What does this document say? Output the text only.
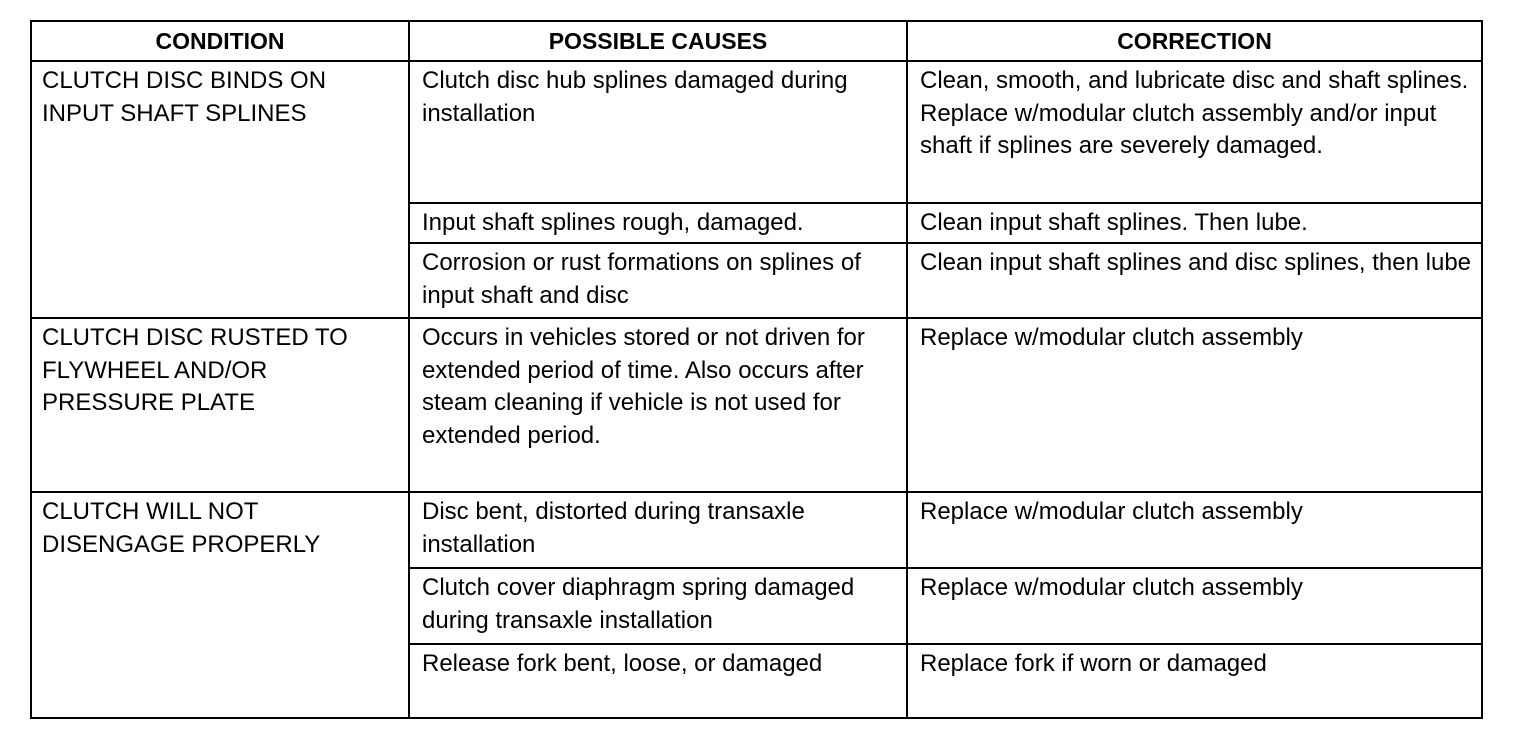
CONDITION	POSSIBLE CAUSES	CORRECTION

CLUTCH DISC BINDS ON INPUT SHAFT SPLINES	Clutch disc hub splines damaged during installation	Clean, smooth, and lubricate disc and shaft splines. Replace w/modular clutch assembly and/or input shaft if splines are severely damaged.

	Input shaft splines rough, damaged.	Clean input shaft splines. Then lube.

	Corrosion or rust formations on splines of input shaft and disc	Clean input shaft splines and disc splines, then lube

CLUTCH DISC RUSTED TO FLYWHEEL AND/OR PRESSURE PLATE	Occurs in vehicles stored or not driven for extended period of time. Also occurs after steam cleaning if vehicle is not used for extended period.	Replace w/modular clutch assembly

CLUTCH WILL NOT DISENGAGE PROPERLY	Disc bent, distorted during transaxle installation	Replace w/modular clutch assembly

	Clutch cover diaphragm spring damaged during transaxle installation	Replace w/modular clutch assembly

	Release fork bent, loose, or damaged	Replace fork if worn or damaged
